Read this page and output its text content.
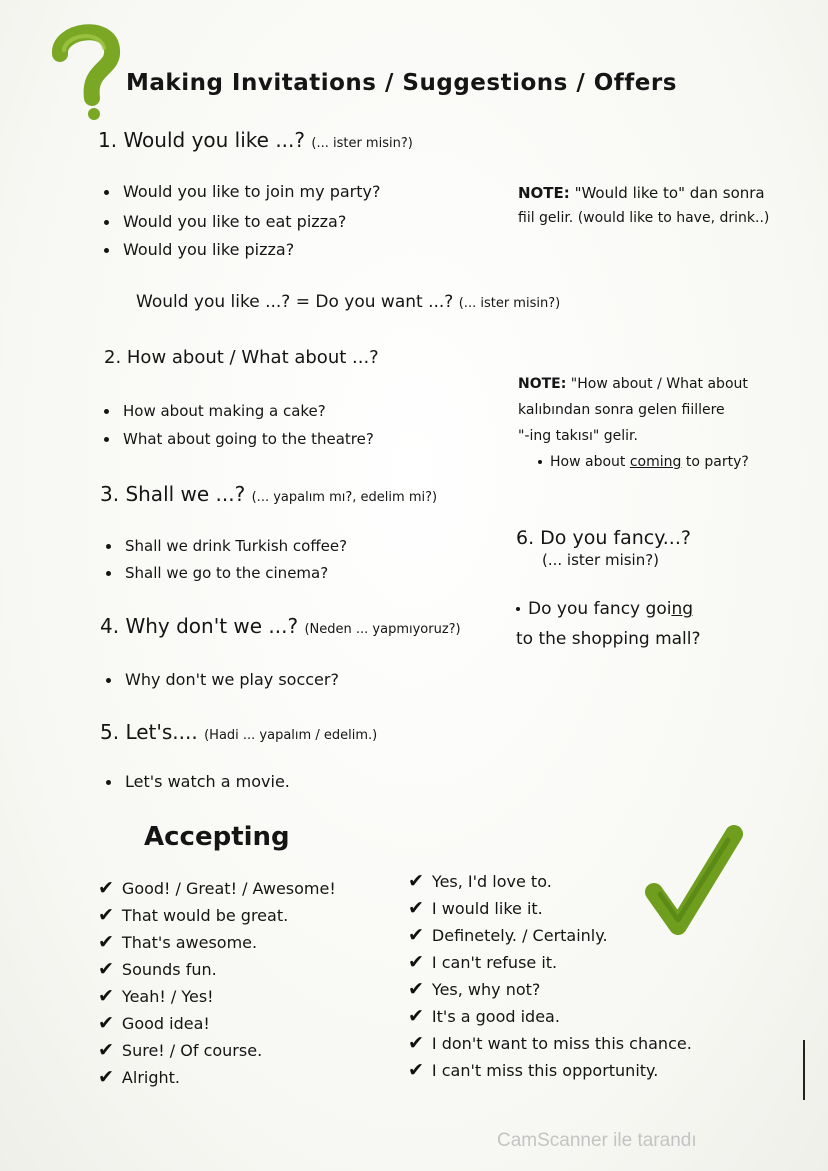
Making Invitations / Suggestions / Offers
1. Would you like ...? (... ister misin?)
Would you like to join my party?
Would you like to eat pizza?
Would you like pizza?
NOTE: "Would like to" dan sonra
fiil gelir. (would like to have, drink..)
Would you like ...? = Do you want ...? (... ister misin?)
2. How about / What about ...?
How about making a cake?
What about going to the theatre?
NOTE: "How about / What about
kalıbından sonra gelen fiillere
"-ing takısı" gelir.
How about coming to party?
3. Shall we ...? (... yapalım mı?, edelim mi?)
Shall we drink Turkish coffee?
Shall we go to the cinema?
6. Do you fancy...?
(... ister misin?)
Do you fancy going
to the shopping mall?
4. Why don't we ...? (Neden ... yapmıyoruz?)
Why don't we play soccer?
5. Let's.... (Hadi ... yapalım / edelim.)
Let's watch a movie.
Accepting
✔ Good! / Great! / Awesome!
✔ That would be great.
✔ That's awesome.
✔ Sounds fun.
✔ Yeah! / Yes!
✔ Good idea!
✔ Sure! / Of course.
✔ Alright.
✔ Yes, I'd love to.
✔ I would like it.
✔ Definetely. / Certainly.
✔ I can't refuse it.
✔ Yes, why not?
✔ It's a good idea.
✔ I don't want to miss this chance.
✔ I can't miss this opportunity.
CamScanner ile tarandı
